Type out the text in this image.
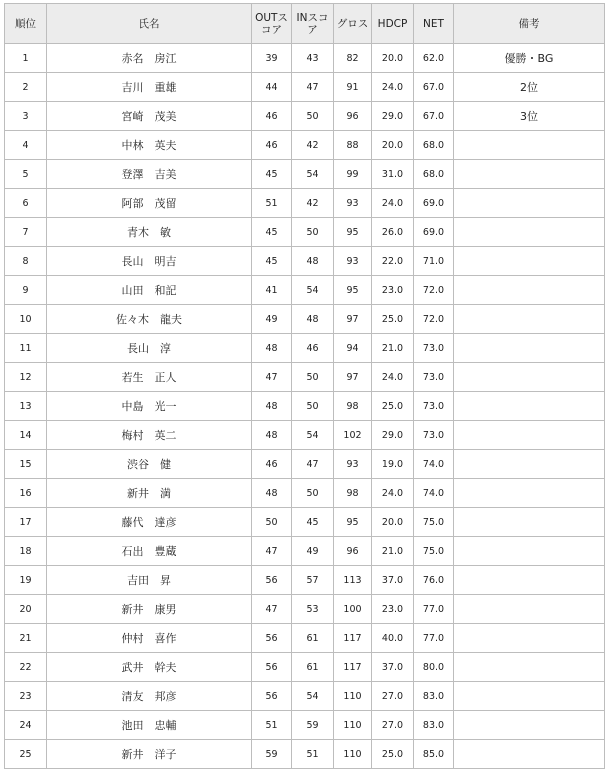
順位	氏名	OUTスコア	INスコア	グロス	HDCP	NET	備考
1	赤名　房江	39	43	82	20.0	62.0	優勝・BG
2	吉川　重雄	44	47	91	24.0	67.0	2位
3	宮崎　茂美	46	50	96	29.0	67.0	3位
4	中林　英夫	46	42	88	20.0	68.0	
5	登澤　吉美	45	54	99	31.0	68.0	
6	阿部　茂留	51	42	93	24.0	69.0	
7	青木　敏	45	50	95	26.0	69.0	
8	長山　明吉	45	48	93	22.0	71.0	
9	山田　和記	41	54	95	23.0	72.0	
10	佐々木　龍夫	49	48	97	25.0	72.0	
11	長山　淳	48	46	94	21.0	73.0	
12	若生　正人	47	50	97	24.0	73.0	
13	中島　光一	48	50	98	25.0	73.0	
14	梅村　英二	48	54	102	29.0	73.0	
15	渋谷　健	46	47	93	19.0	74.0	
16	新井　満	48	50	98	24.0	74.0	
17	藤代　達彦	50	45	95	20.0	75.0	
18	石出　豊蔵	47	49	96	21.0	75.0	
19	吉田　昇	56	57	113	37.0	76.0	
20	新井　康男	47	53	100	23.0	77.0	
21	仲村　喜作	56	61	117	40.0	77.0	
22	武井　幹夫	56	61	117	37.0	80.0	
23	清友　邦彦	56	54	110	27.0	83.0	
24	池田　忠輔	51	59	110	27.0	83.0	
25	新井　洋子	59	51	110	25.0	85.0	
